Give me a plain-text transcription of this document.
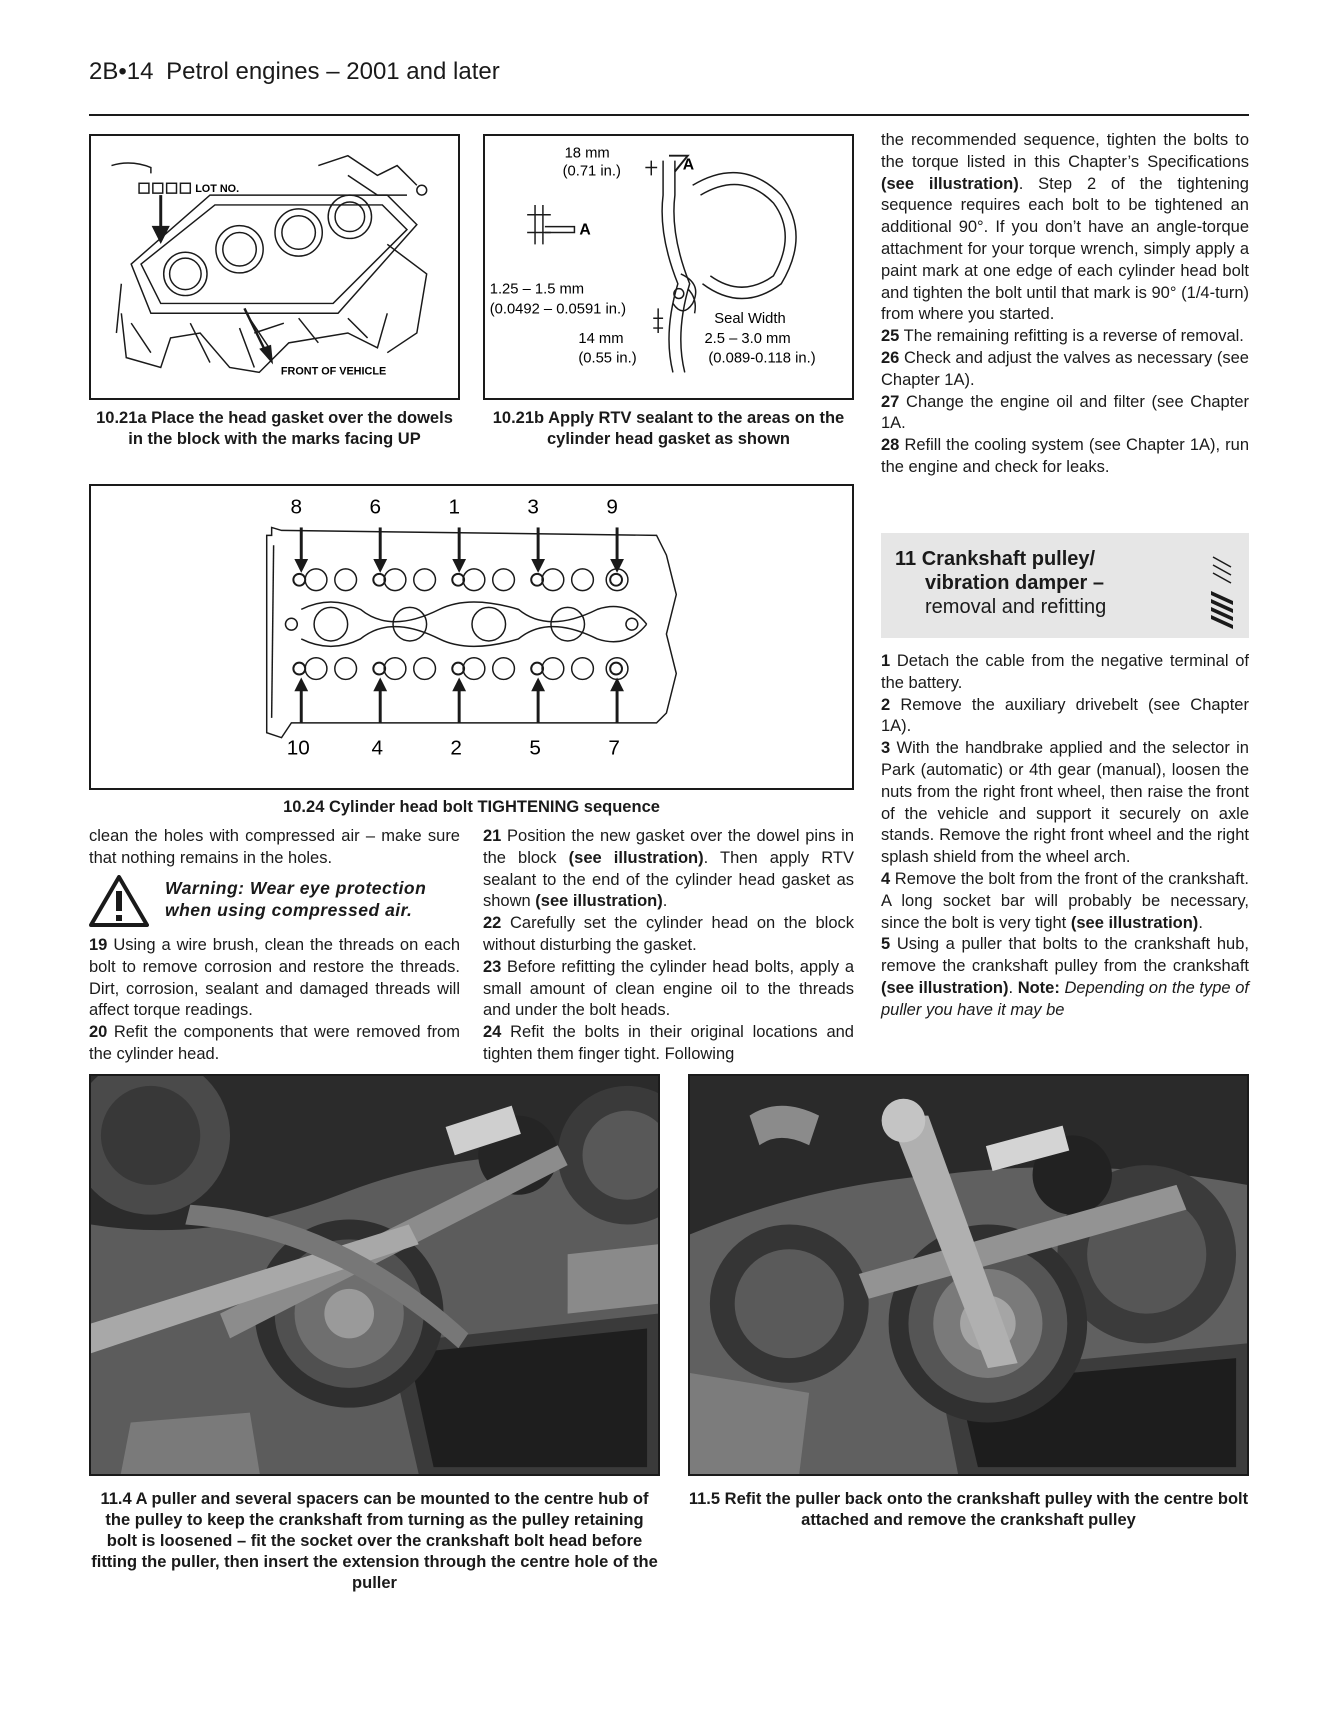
2B•14 Petrol engines – 2001 and later
LOT NO.
FRONT OF VEHICLE
10.21a Place the head gasket over the dowels in the block with the marks facing UP
18 mm
(0.71 in.)	A
A
1.25 – 1.5 mm
(0.0492 – 0.0591 in.)
14 mm
(0.55 in.)
Seal Width
2.5 – 3.0 mm
(0.089-0.118 in.)
10.21b Apply RTV sealant to the areas on the cylinder head gasket as shown
8	6	1	3	9
10	4	2	5	7
10.24 Cylinder head bolt TIGHTENING sequence

clean the holes with compressed air – make sure that nothing remains in the holes.

Warning: Wear eye protection when using compressed air.

19 Using a wire brush, clean the threads on each bolt to remove corrosion and restore the threads. Dirt, corrosion, sealant and damaged threads will affect torque readings.

20 Refit the components that were removed from the cylinder head.

21 Position the new gasket over the dowel pins in the block (see illustration). Then apply RTV sealant to the end of the cylinder head gasket as shown (see illustration).

22 Carefully set the cylinder head on the block without disturbing the gasket.

23 Before refitting the cylinder head bolts, apply a small amount of clean engine oil to the threads and under the bolt heads.

24 Refit the bolts in their original locations and tighten them finger tight. Following

the recommended sequence, tighten the bolts to the torque listed in this Chapter’s Specifications (see illustration). Step 2 of the tightening sequence requires each bolt to be tightened an additional 90°. If you don’t have an angle-torque attachment for your torque wrench, simply apply a paint mark at one edge of each cylinder head bolt and tighten the bolt until that mark is 90° (1/4-turn) from where you started.

25 The remaining refitting is a reverse of removal.

26 Check and adjust the valves as necessary (see Chapter 1A).

27 Change the engine oil and filter (see Chapter 1A.

28 Refill the cooling system (see Chapter 1A), run the engine and check for leaks.

11 Crankshaft pulley/
vibration damper –
removal and refitting

1 Detach the cable from the negative terminal of the battery.

2 Remove the auxiliary drivebelt (see Chapter 1A).

3 With the handbrake applied and the selector in Park (automatic) or 4th gear (manual), loosen the nuts from the right front wheel, then raise the front of the vehicle and support it securely on axle stands. Remove the right front wheel and the right splash shield from the wheel arch.

4 Remove the bolt from the front of the crankshaft. A long socket bar will probably be necessary, since the bolt is very tight (see illustration).

5 Using a puller that bolts to the crankshaft hub, remove the crankshaft pulley from the crankshaft (see illustration). Note: Depending on the type of puller you have it may be

11.4 A puller and several spacers can be mounted to the centre hub of the pulley to keep the crankshaft from turning as the pulley retaining bolt is loosened – fit the socket over the crankshaft bolt head before fitting the puller, then insert the extension through the centre hole of the puller
11.5 Refit the puller back onto the crankshaft pulley with the centre bolt attached and remove the crankshaft pulley
